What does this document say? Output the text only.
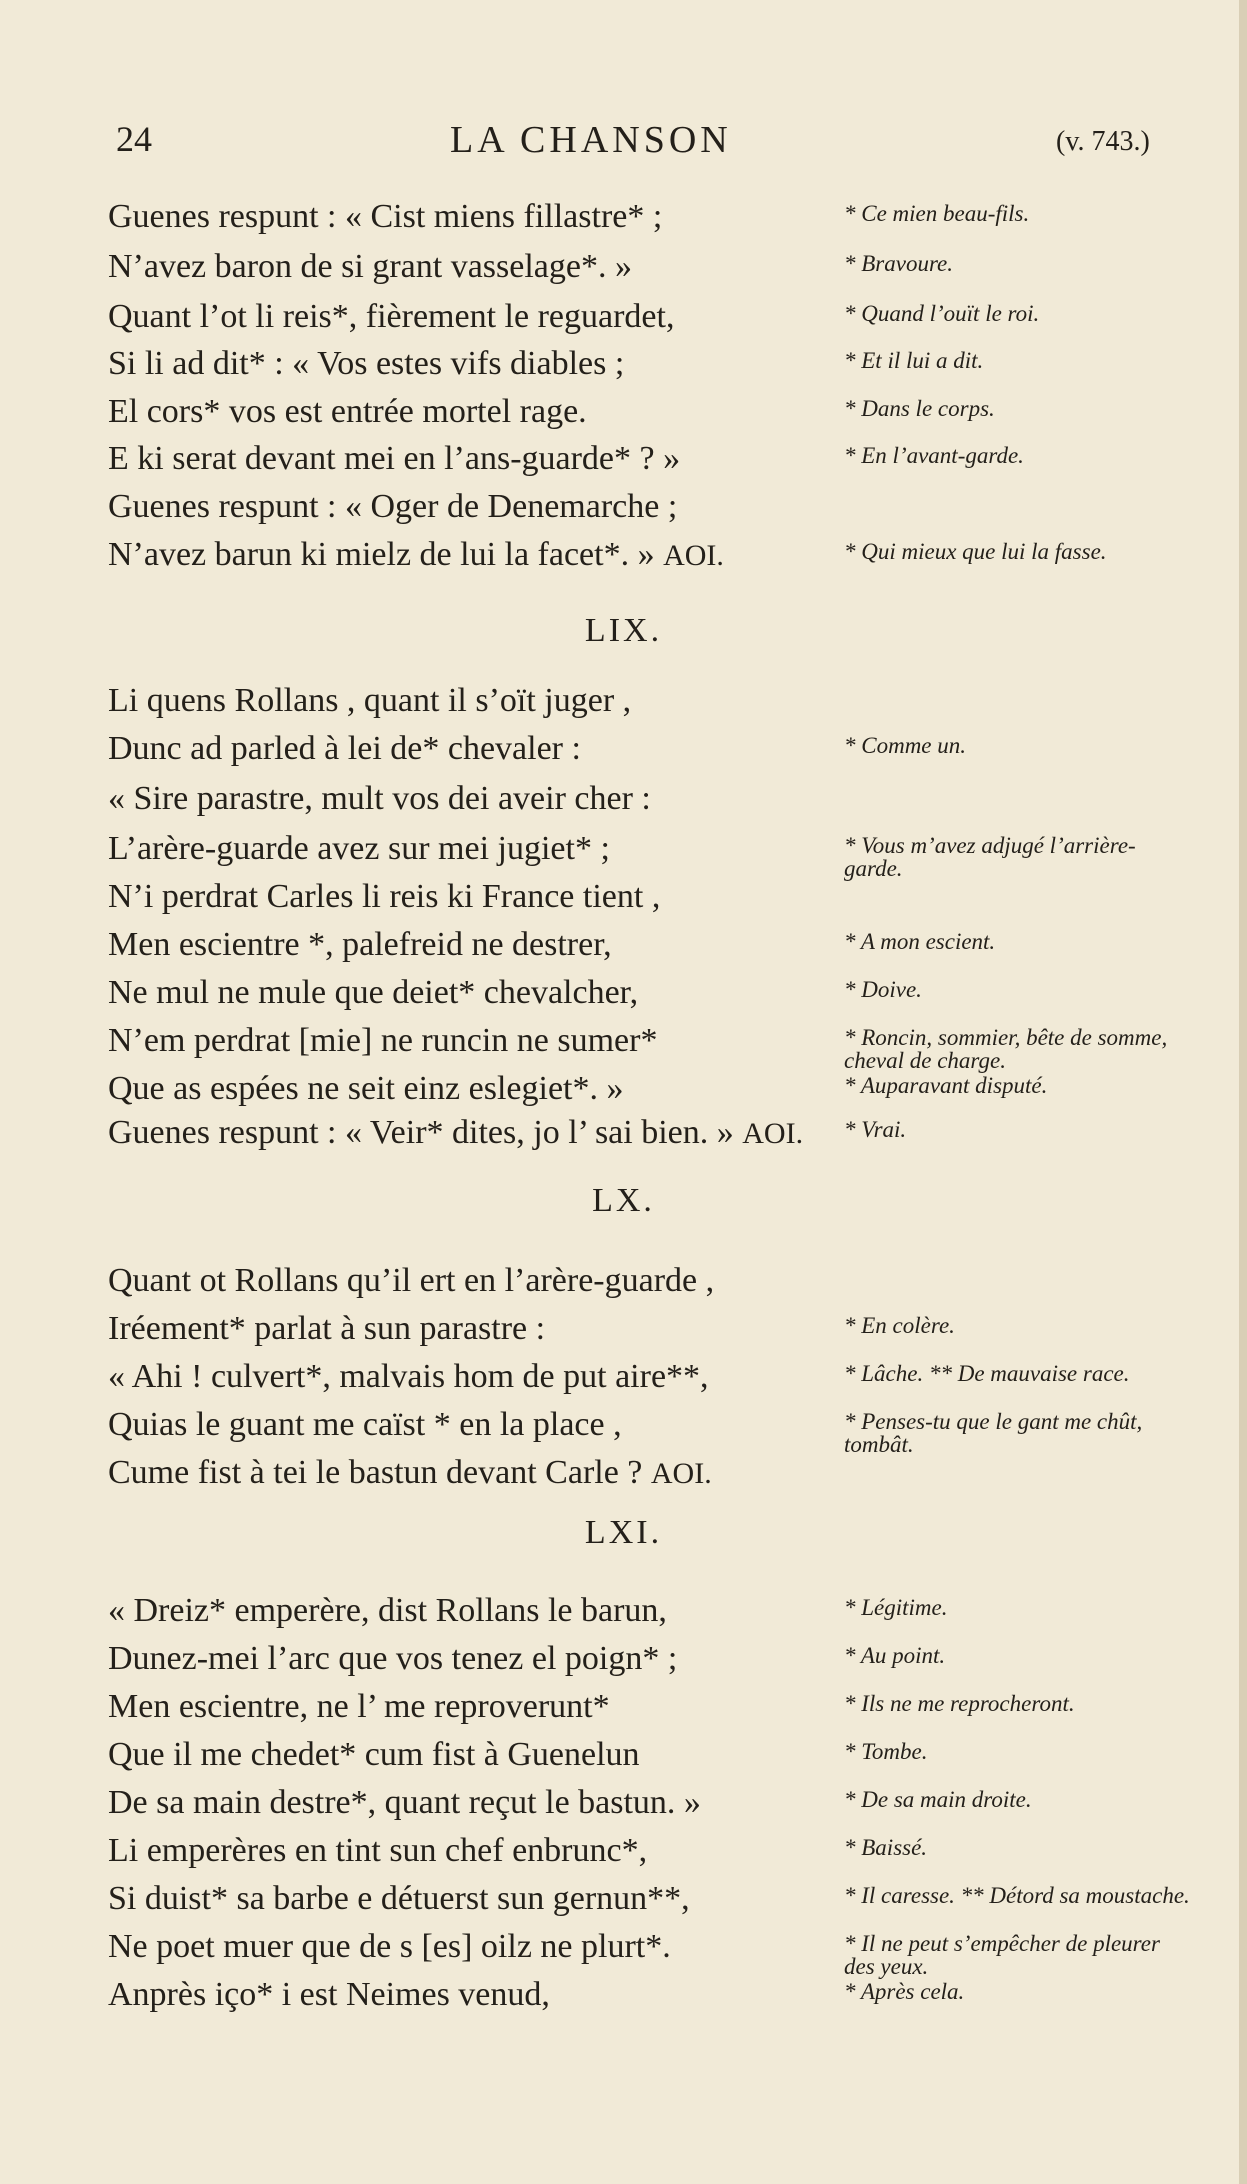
24	LA CHANSON	(v. 743.)
Guenes respunt : « Cist miens fillastre* ;	* Ce mien beau-fils.
N’avez baron de si grant vasselage*. »	* Bravoure.
Quant l’ot li reis*, fièrement le reguardet,	* Quand l’ouït le roi.
Si li ad dit* : « Vos estes vifs diables ;	* Et il lui a dit.
El cors* vos est entrée mortel rage.	* Dans le corps.
E ki serat devant mei en l’ans-guarde* ? »	* En l’avant-garde.
Guenes respunt : « Oger de Denemarche ;
N’avez barun ki mielz de lui la facet*. » AOI.	* Qui mieux que lui la fasse.
LIX.
Li quens Rollans , quant il s’oït juger ,
Dunc ad parled à lei de* chevaler :	* Comme un.
« Sire parastre, mult vos dei aveir cher :
L’arère-guarde avez sur mei jugiet* ;	* Vous m’avez adjugé l’arrière-garde.
N’i perdrat Carles li reis ki France tient ,
Men escientre *, palefreid ne destrer,	* A mon escient.
Ne mul ne mule que deiet* chevalcher,	* Doive.
N’em perdrat [mie] ne runcin ne sumer*	* Roncin, sommier, bête de somme, cheval de charge.
Que as espées ne seit einz eslegiet*. »	* Auparavant disputé.
Guenes respunt : « Veir* dites, jo l’ sai bien. » AOI. * Vrai.
LX.
Quant ot Rollans qu’il ert en l’arère-guarde ,
Iréement* parlat à sun parastre :	* En colère.
« Ahi ! culvert*, malvais hom de put aire**,	* Lâche. ** De mauvaise race.
Quias le guant me caïst * en la place ,	* Penses-tu que le gant me chût, tombât.
Cume fist à tei le bastun devant Carle ? AOI.
LXI.
« Dreiz* emperère, dist Rollans le barun,	* Légitime.
Dunez-mei l’arc que vos tenez el poign* ;	* Au point.
Men escientre, ne l’ me reproverunt*	* Ils ne me reprocheront.
Que il me chedet* cum fist à Guenelun	* Tombe.
De sa main destre*, quant reçut le bastun. »	* De sa main droite.
Li emperères en tint sun chef enbrunc*,	* Baissé.
Si duist* sa barbe e détuerst sun gernun**,	* Il caresse. ** Détord sa moustache.
Ne poet muer que de s [es] oilz ne plurt*.	* Il ne peut s’empêcher de pleurer des yeux.
Anprès iço* i est Neimes venud,	* Après cela.
